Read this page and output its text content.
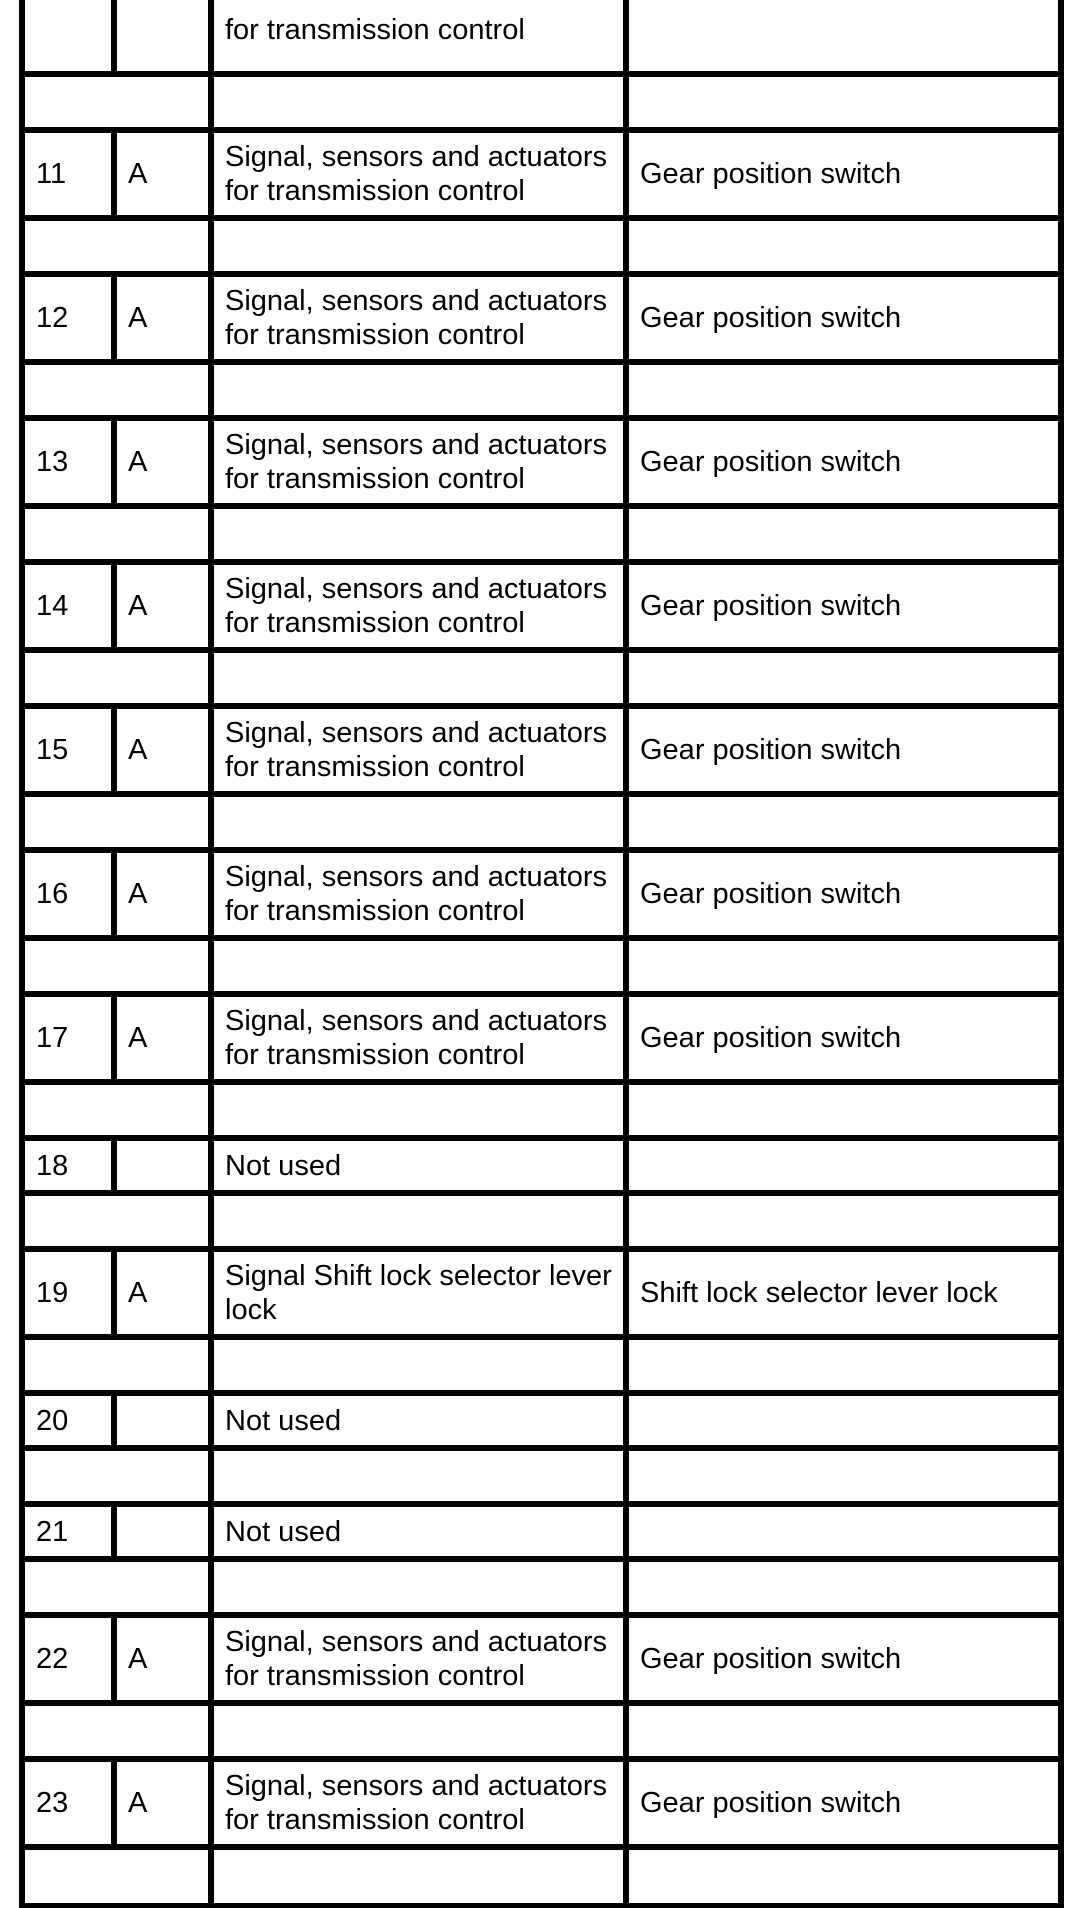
		for transmission control	

11	A	Signal, sensors and actuators
for transmission control	Gear position switch

12	A	Signal, sensors and actuators
for transmission control	Gear position switch

13	A	Signal, sensors and actuators
for transmission control	Gear position switch

14	A	Signal, sensors and actuators
for transmission control	Gear position switch

15	A	Signal, sensors and actuators
for transmission control	Gear position switch

16	A	Signal, sensors and actuators
for transmission control	Gear position switch

17	A	Signal, sensors and actuators
for transmission control	Gear position switch

18		Not used	

19	A	Signal Shift lock selector lever
lock	Shift lock selector lever lock

20		Not used	

21		Not used	

22	A	Signal, sensors and actuators
for transmission control	Gear position switch

23	A	Signal, sensors and actuators
for transmission control	Gear position switch
